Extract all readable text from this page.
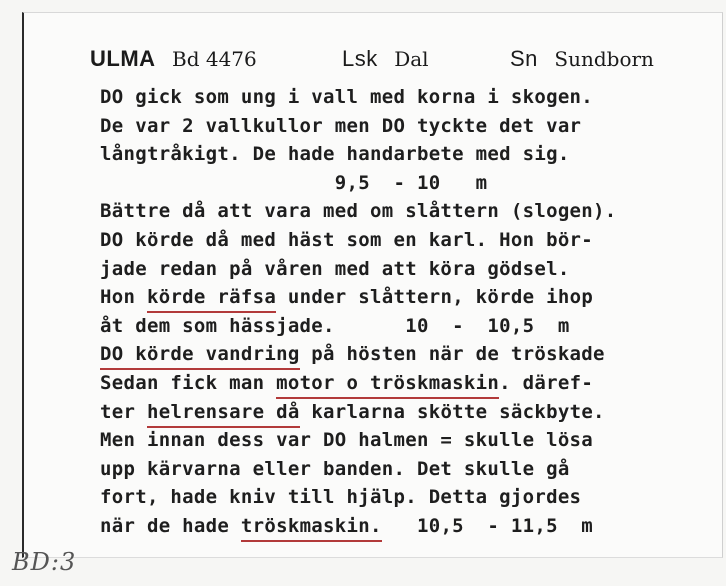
ULMA Bd 4476	Lsk Dal	Sn Sundborn
DO gick som ung i vall med korna i skogen.
De var 2 vallkullor men DO tyckte det var
långtråkigt. De hade handarbete med sig.
9,5  - 10   m
Bättre då att vara med om slåttern (slogen).
DO körde då med häst som en karl. Hon bör-
jade redan på våren med att köra gödsel.
Hon körde räfsa under slåttern, körde ihop
åt dem som hässjade.      10  -  10,5  m
DO körde vandring på hösten när de tröskade
Sedan fick man motor o tröskmaskin. däref-
ter helrensare då karlarna skötte säckbyte.
Men innan dess var DO halmen = skulle lösa
upp kärvarna eller banden. Det skulle gå
fort, hade kniv till hjälp. Detta gjordes
när de hade tröskmaskin.   10,5  - 11,5  m
BD:3
